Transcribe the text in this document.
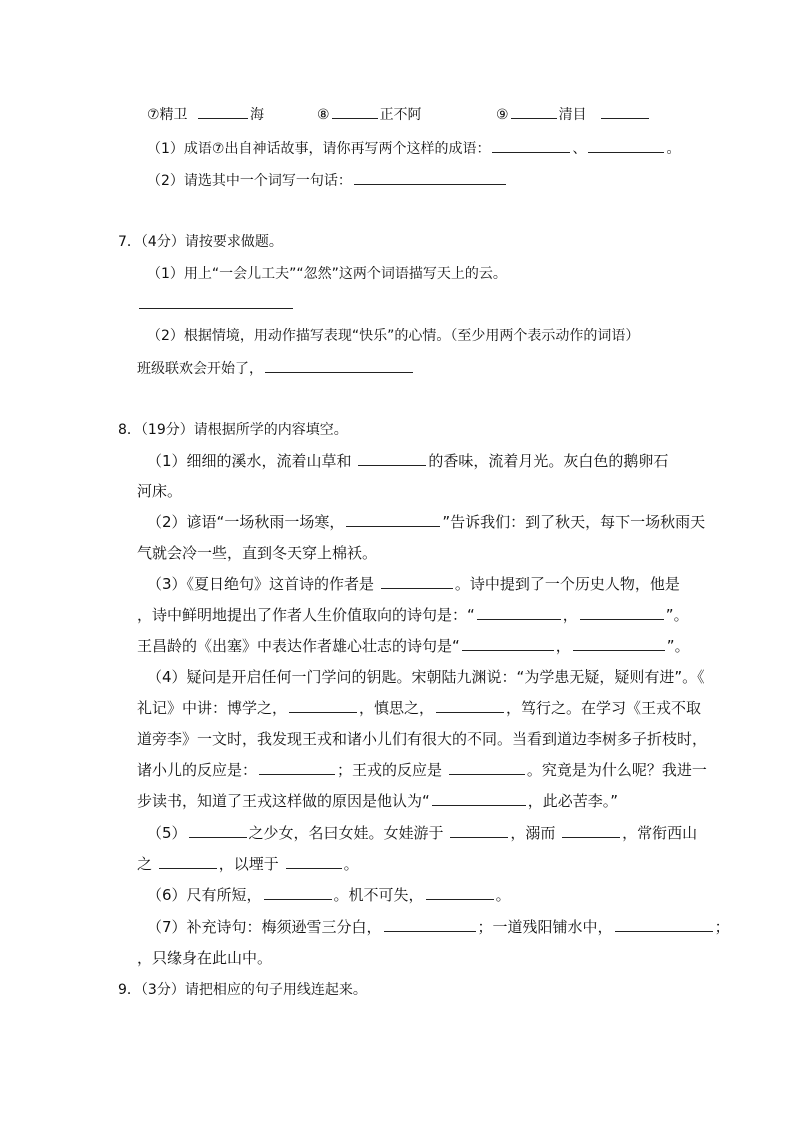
⑦精卫	海	⑧	正不阿	⑨	清目
（1）成语⑦出自神话故事，请你再写两个这样的成语：	、	。
（2）请选其中一个词写一句话：
7．（4分）请按要求做题。
（1）用上“一会儿工夫”“忽然”这两个词语描写天上的云。
（2）根据情境，用动作描写表现“快乐”的心情。（至少用两个表示动作的词语）
班级联欢会开始了，
8．（19分）请根据所学的内容填空。
（1）细细的溪水，流着山草和	的香味，流着月光。灰白色的鹅卵石
河床。
（2）谚语“一场秋雨一场寒，	”告诉我们：到了秋天，每下一场秋雨天
气就会冷一些，直到冬天穿上棉袄。
（3）《夏日绝句》这首诗的作者是	。诗中提到了一个历史人物，他是
，诗中鲜明地提出了作者人生价值取向的诗句是：“	，	”。
王昌龄的《出塞》中表达作者雄心壮志的诗句是“	，	”。
（4）疑问是开启任何一门学问的钥匙。宋朝陆九渊说：“为学患无疑，疑则有进”。《
礼记》中讲：博学之，	，慎思之，	，笃行之。在学习《王戎不取
道旁李》一文时，我发现王戎和诸小儿们有很大的不同。当看到道边李树多子折枝时，
诸小儿的反应是：	；王戎的反应是	。究竟是为什么呢？我进一
步读书，知道了王戎这样做的原因是他认为“	，此必苦李。”
（5）	之少女，名曰女娃。女娃游于	，溺而	，常衔西山
之	，以堙于	。
（6）尺有所短，	。机不可失，	。
（7）补充诗句：梅须逊雪三分白，	；一道残阳铺水中，	；
，只缘身在此山中。
9．（3分）请把相应的句子用线连起来。
